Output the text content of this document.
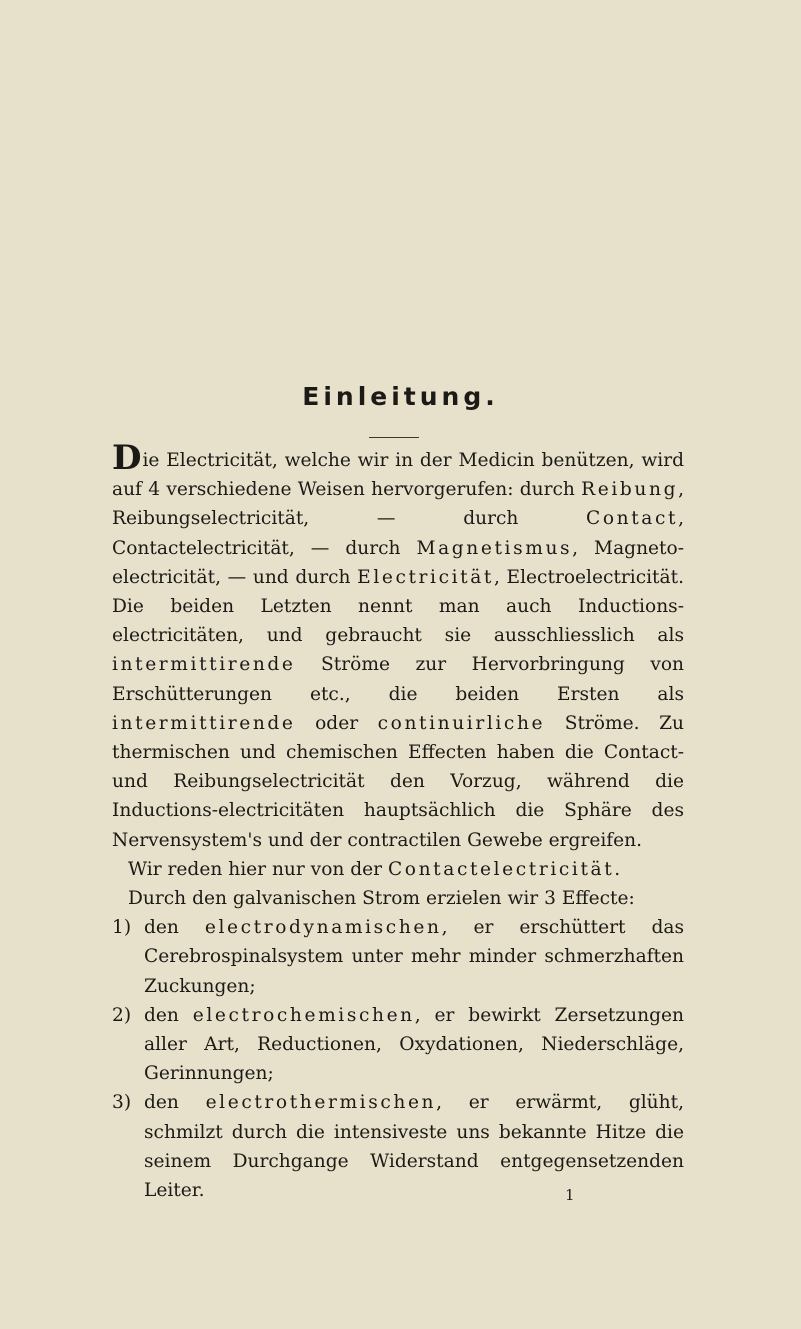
Einleitung.

Die Electricität, welche wir in der Medicin benützen, wird auf 4 verschiedene Weisen hervorgerufen: durch Reibung, Reibungselectricität, — durch Contact, Contactelectricität, — durch Magnetismus, Magneto-electricität, — und durch Electricität, Electroelectricität. Die beiden Letzten nennt man auch Inductions-electricitäten, und gebraucht sie ausschliesslich als intermittirende Ströme zur Hervorbringung von Erschütterungen etc., die beiden Ersten als intermittirende oder continuirliche Ströme. Zu thermischen und chemischen Effecten haben die Contact- und Reibungselectricität den Vorzug, während die Inductions-electricitäten hauptsächlich die Sphäre des Nervensystem's und der contractilen Gewebe ergreifen.

Wir reden hier nur von der Contactelectricität.

Durch den galvanischen Strom erzielen wir 3 Effecte:

1) den electrodynamischen, er erschüttert das Cerebrospinalsystem unter mehr minder schmerzhaften Zuckungen;
2) den electrochemischen, er bewirkt Zersetzungen aller Art, Reductionen, Oxydationen, Niederschläge, Gerinnungen;
3) den electrothermischen, er erwärmt, glüht, schmilzt durch die intensiveste uns bekannte Hitze die seinem Durchgange Widerstand entgegensetzenden Leiter.	1
